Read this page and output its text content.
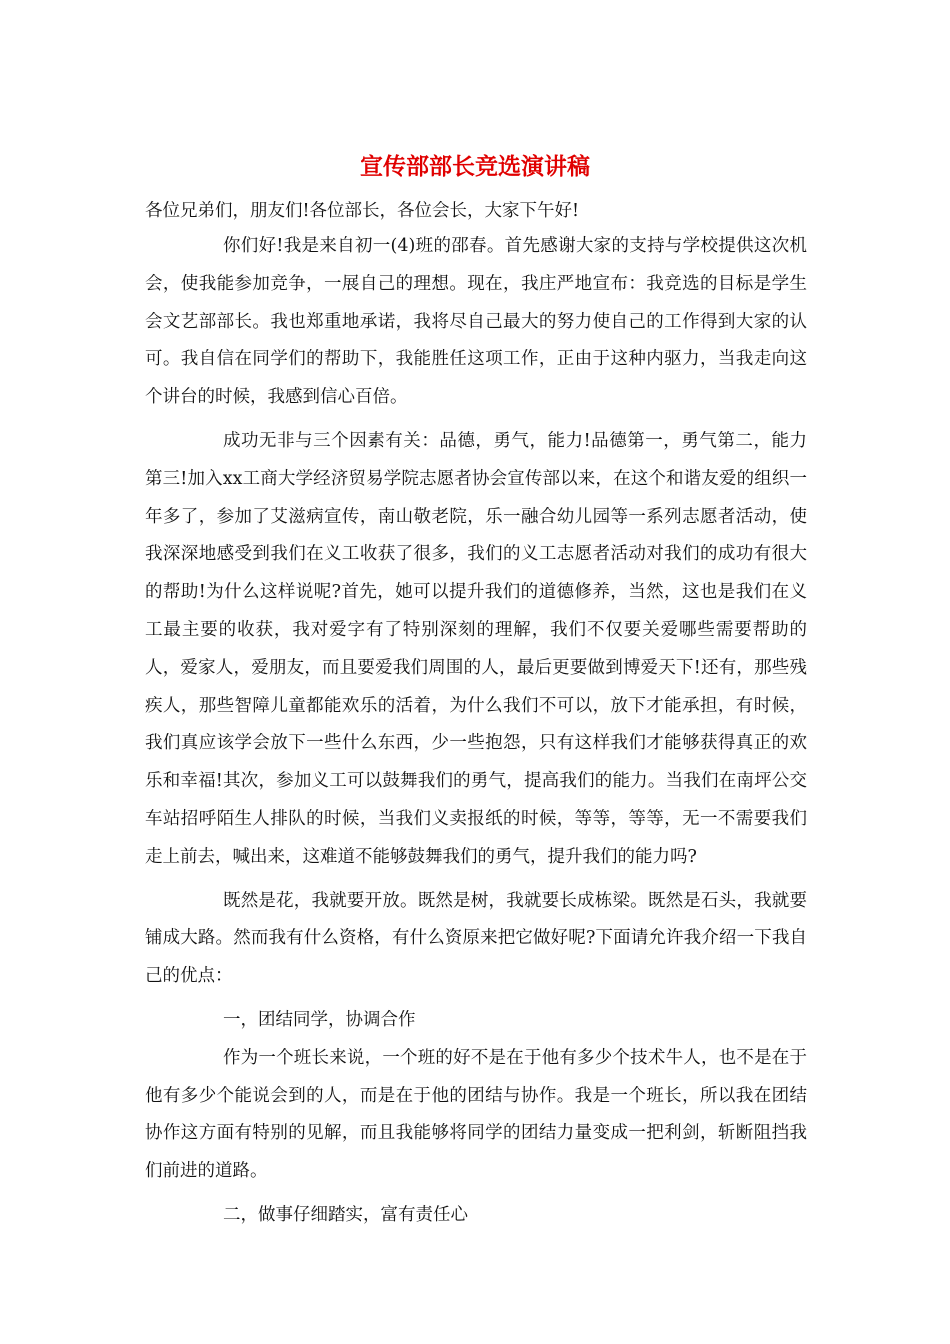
宣传部部长竞选演讲稿

各位兄弟们，朋友们!各位部长，各位会长，大家下午好!

你们好!我是来自初一(4)班的邵春。首先感谢大家的支持与学校提供这次机会，使我能参加竞争，一展自己的理想。现在，我庄严地宣布：我竞选的目标是学生会文艺部部长。我也郑重地承诺，我将尽自己最大的努力使自己的工作得到大家的认可。我自信在同学们的帮助下，我能胜任这项工作，正由于这种内驱力，当我走向这个讲台的时候，我感到信心百倍。

成功无非与三个因素有关：品德，勇气，能力!品德第一，勇气第二，能力第三!加入xx工商大学经济贸易学院志愿者协会宣传部以来，在这个和谐友爱的组织一年多了，参加了艾滋病宣传，南山敬老院，乐一融合幼儿园等一系列志愿者活动，使我深深地感受到我们在义工收获了很多，我们的义工志愿者活动对我们的成功有很大的帮助!为什么这样说呢?首先，她可以提升我们的道德修养，当然，这也是我们在义工最主要的收获，我对爱字有了特别深刻的理解，我们不仅要关爱哪些需要帮助的人，爱家人，爱朋友，而且要爱我们周围的人，最后更要做到博爱天下!还有，那些残疾人，那些智障儿童都能欢乐的活着，为什么我们不可以，放下才能承担，有时候，我们真应该学会放下一些什么东西，少一些抱怨，只有这样我们才能够获得真正的欢乐和幸福!其次，参加义工可以鼓舞我们的勇气，提高我们的能力。当我们在南坪公交车站招呼陌生人排队的时候，当我们义卖报纸的时候，等等，等等，无一不需要我们走上前去，喊出来，这难道不能够鼓舞我们的勇气，提升我们的能力吗?

既然是花，我就要开放。既然是树，我就要长成栋梁。既然是石头，我就要铺成大路。然而我有什么资格，有什么资原来把它做好呢?下面请允许我介绍一下我自己的优点：

一，团结同学，协调合作

作为一个班长来说，一个班的好不是在于他有多少个技术牛人，也不是在于他有多少个能说会到的人，而是在于他的团结与协作。我是一个班长，所以我在团结协作这方面有特别的见解，而且我能够将同学的团结力量变成一把利剑，斩断阻挡我们前进的道路。

二，做事仔细踏实，富有责任心
